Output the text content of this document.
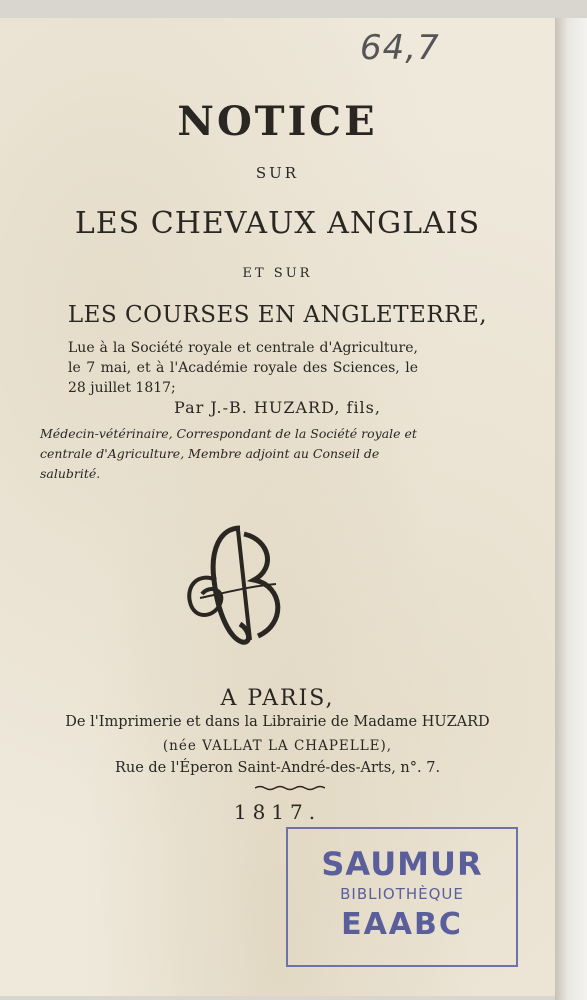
64,7
NOTICE
SUR
LES CHEVAUX ANGLAIS
ET SUR
LES COURSES EN ANGLETERRE,
Lue à la Société royale et centrale d'Agriculture, le 7 mai, et à l'Académie royale des Sciences, le 28 juillet 1817;
Par J.-B. HUZARD, fils,
Médecin-vétérinaire, Correspondant de la Société royale et centrale d'Agriculture, Membre adjoint au Conseil de salubrité.
A PARIS,
De l'Imprimerie et dans la Librairie de Madame HUZARD
(née VALLAT LA CHAPELLE),
Rue de l'Éperon Saint-André-des-Arts, n°. 7.
1817.
SAUMUR
BIBLIOTHÈQUE
EAABC
